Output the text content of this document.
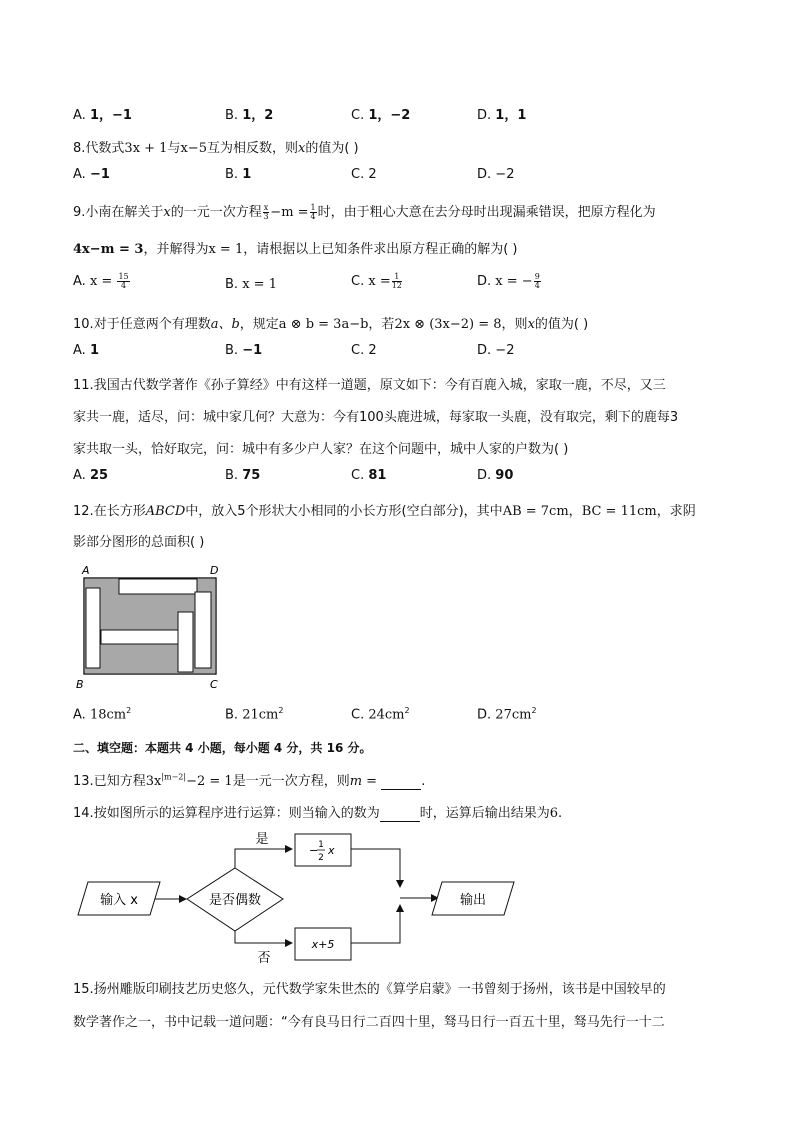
A. 1，−1	B. 1，2	C. 1，−2	D. 1，1
8.代数式3x + 1与x−5互为相反数，则x的值为( )
A. −1	B. 1	C. 2	D. −2
9.小南在解关于x的一元一次方程 $\frac{x}{3} -m = \frac{1}{4}$ 时，由于粗心大意在去分母时出现漏乘错误，把原方程化为
4x−m = 3，并解得为x = 1，请根据以上已知条件求出原方程正确的解为( )
A. $x = \frac{15}{4}$	B. x = 1	C. $x = \frac{1}{12}$	D. x = − $\frac{9}{4}$
10.对于任意两个有理数a、b，规定a ⊗ b = 3a−b，若2x ⊗ (3x−2) = 8，则x的值为( )
A. 1	B. −1	C. 2	D. −2
11.我国古代数学著作《孙子算经》中有这样一道题，原文如下：今有百鹿入城，家取一鹿，不尽，又三
家共一鹿，适尽，问：城中家几何？大意为：今有100头鹿进城，每家取一头鹿，没有取完，剩下的鹿每3
家共取一头，恰好取完，问：城中有多少户人家？在这个问题中，城中人家的户数为( )
A. 25	B. 75	C. 81	D. 90
12.在长方形ABCD中，放入5个形状大小相同的小长方形(空白部分)，其中AB = 7cm，BC = 11cm，求阴
影部分图形的总面积( )
A	D
B	C
A. $18cm^2$	B. $21cm^2$	C. $24cm^2$	D. $27cm^2$
二、填空题：本题共 4 小题，每小题 4 分，共 16 分。
13.已知方程$3x^{|m-2|}-2 = 1$是一元一次方程，则m =	.
14.按如图所示的运算程序进行运算：则当输入的数为	时，运算后输出结果为6.
输入 x	是否偶数
是
− 1
2
x
否
x+5
输出
15.扬州雕版印刷技艺历史悠久，元代数学家朱世杰的《算学启蒙》一书曾刻于扬州，该书是中国较早的
数学著作之一，书中记载一道问题：“今有良马日行二百四十里，驽马日行一百五十里，驽马先行一十二
